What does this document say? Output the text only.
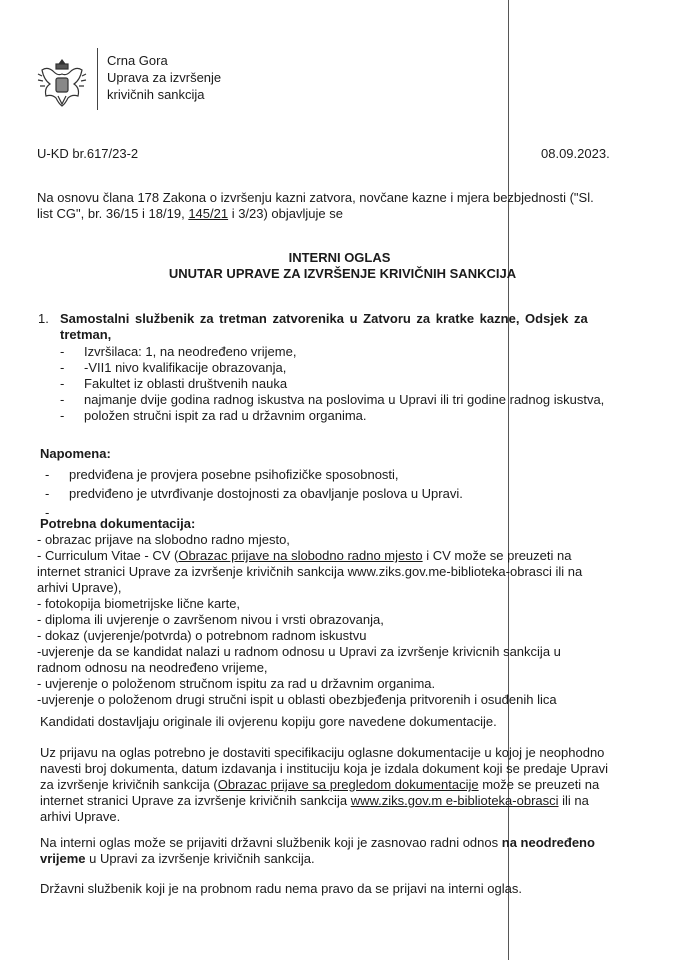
Crna Gora
Uprava za izvršenje
krivičnih sankcija
U-KD br.617/23-2	08.09.2023.
Na osnovu člana 178 Zakona o izvršenju kazni zatvora, novčane kazne i mjera bezbjednosti ("Sl.
list CG", br. 36/15 i 18/19, 145/21 i 3/23) objavljuje se
INTERNI OGLAS
UNUTAR UPRAVE ZA IZVRŠENJE KRIVIČNIH SANKCIJA
1. Samostalni službenik za tretman zatvorenika u Zatvoru za kratke kazne, Odsjek za
tretman,
- Izvršilaca: 1, na neodređeno vrijeme,
- -VII1 nivo kvalifikacije obrazovanja,
- Fakultet iz oblasti društvenih nauka
- najmanje dvije godina radnog iskustva na poslovima u Upravi ili tri godine radnog iskustva,
- položen stručni ispit za rad u državnim organima.
Napomena:
- predviđena je provjera posebne psihofizičke sposobnosti,
- predviđeno je utvrđivanje dostojnosti za obavljanje poslova u Upravi.
-
Potrebna dokumentacija:
- obrazac prijave na slobodno radno mjesto,
- Curriculum Vitae - CV (Obrazac prijave na slobodno radno mjesto i CV može se preuzeti na
internet stranici Uprave za izvršenje krivičnih sankcija www.ziks.gov.me-biblioteka-obrasci ili na
arhivi Uprave),
- fotokopija biometrijske lične karte,
- diploma ili uvjerenje o završenom nivou i vrsti obrazovanja,
- dokaz (uvjerenje/potvrda) o potrebnom radnom iskustvu
-uvjerenje da se kandidat nalazi u radnom odnosu u Upravi za izvršenje krivicnih sankcija u
radnom odnosu na neodređeno vrijeme,
- uvjerenje o položenom stručnom ispitu za rad u državnim organima.
-uvjerenje o položenom drugi stručni ispit u oblasti obezbjeđenja pritvorenih i osuđenih lica
Kandidati dostavljaju originale ili ovjerenu kopiju gore navedene dokumentacije.
Uz prijavu na oglas potrebno je dostaviti specifikaciju oglasne dokumentacije u kojoj je neophodno
navesti broj dokumenta, datum izdavanja i instituciju koja je izdala dokument koji se predaje Upravi
za izvršenje krivičnih sankcija (Obrazac prijave sa pregledom dokumentacije može se preuzeti na
internet stranici Uprave za izvršenje krivičnih sankcija www.ziks.gov.m e-biblioteka-obrasci ili na
arhivi Uprave.
Na interni oglas može se prijaviti državni službenik koji je zasnovao radni odnos na neodređeno
vrijeme u Upravi za izvršenje krivičnih sankcija.
Državni službenik koji je na probnom radu nema pravo da se prijavi na interni oglas.
